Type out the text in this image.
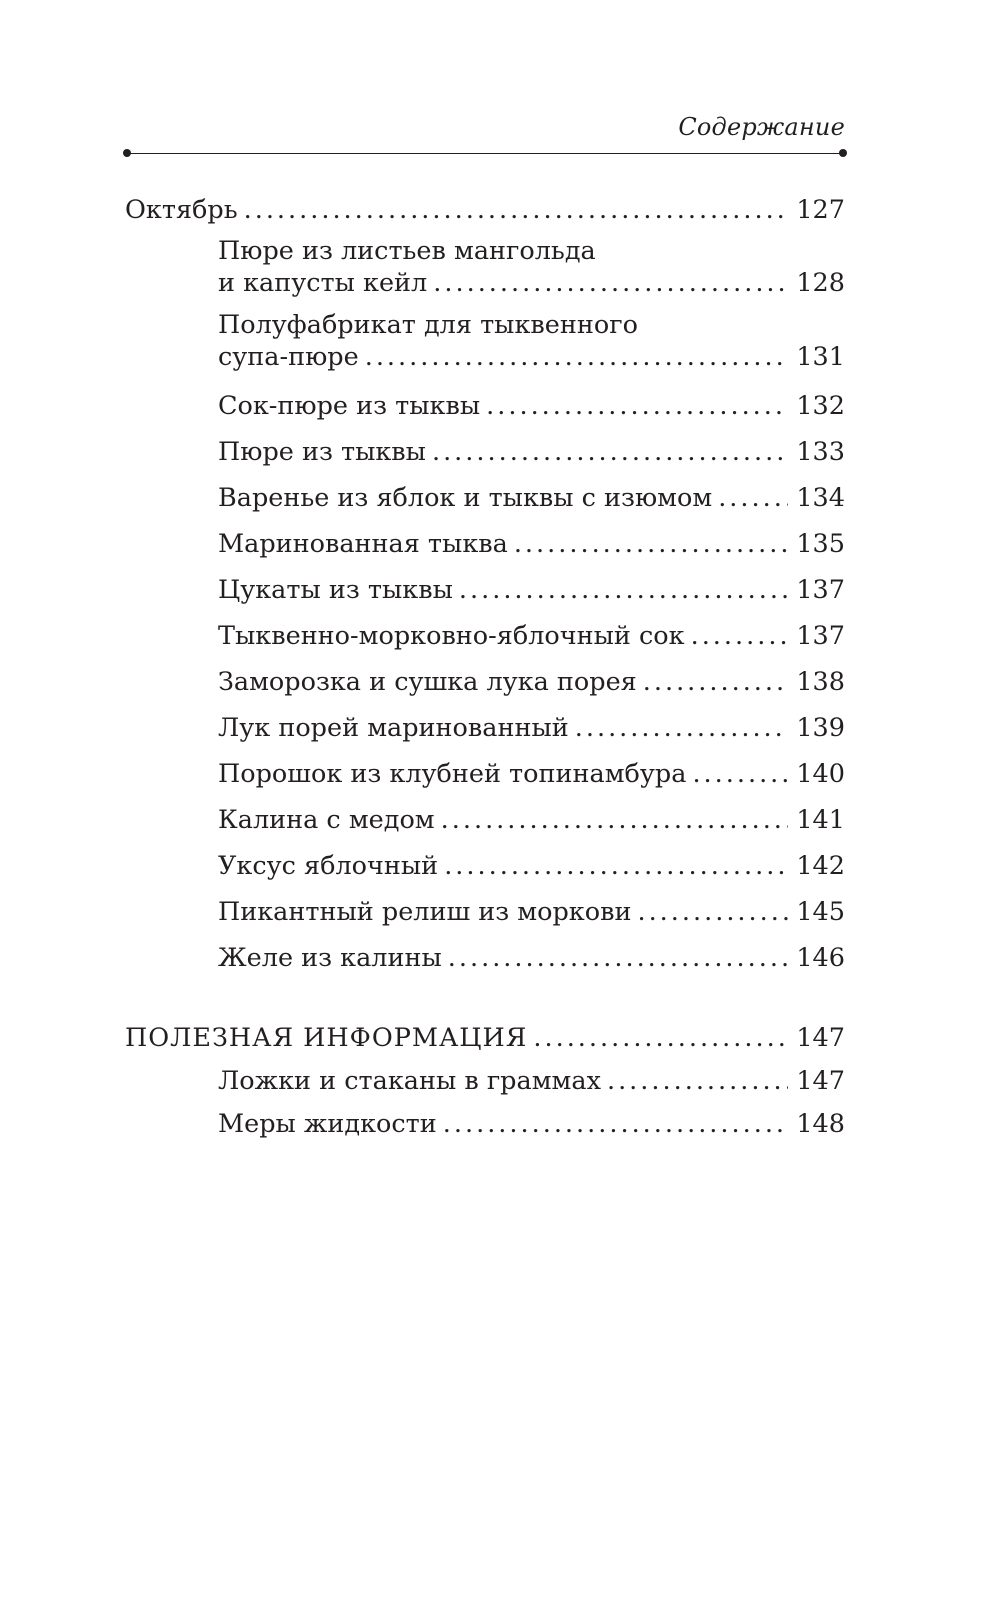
Содержание
Октябрь .....	127
Пюре из листьев мангольда
и капусты кейл .....	128
Полуфабрикат для тыквенного
супа-пюре .....	131
Сок-пюре из тыквы .....	132
Пюре из тыквы .....	133
Варенье из яблок и тыквы с изюмом .....	134
Маринованная тыква .....	135
Цукаты из тыквы .....	137
Тыквенно-морковно-яблочный сок .....	137
Заморозка и сушка лука порея .....	138
Лук порей маринованный .....	139
Порошок из клубней топинамбура .....	140
Калина с медом .....	141
Уксус яблочный .....	142
Пикантный релиш из моркови .....	145
Желе из калины .....	146
ПОЛЕЗНАЯ ИНФОРМАЦИЯ .....	147
Ложки и стаканы в граммах .....	147
Меры жидкости .....	148
